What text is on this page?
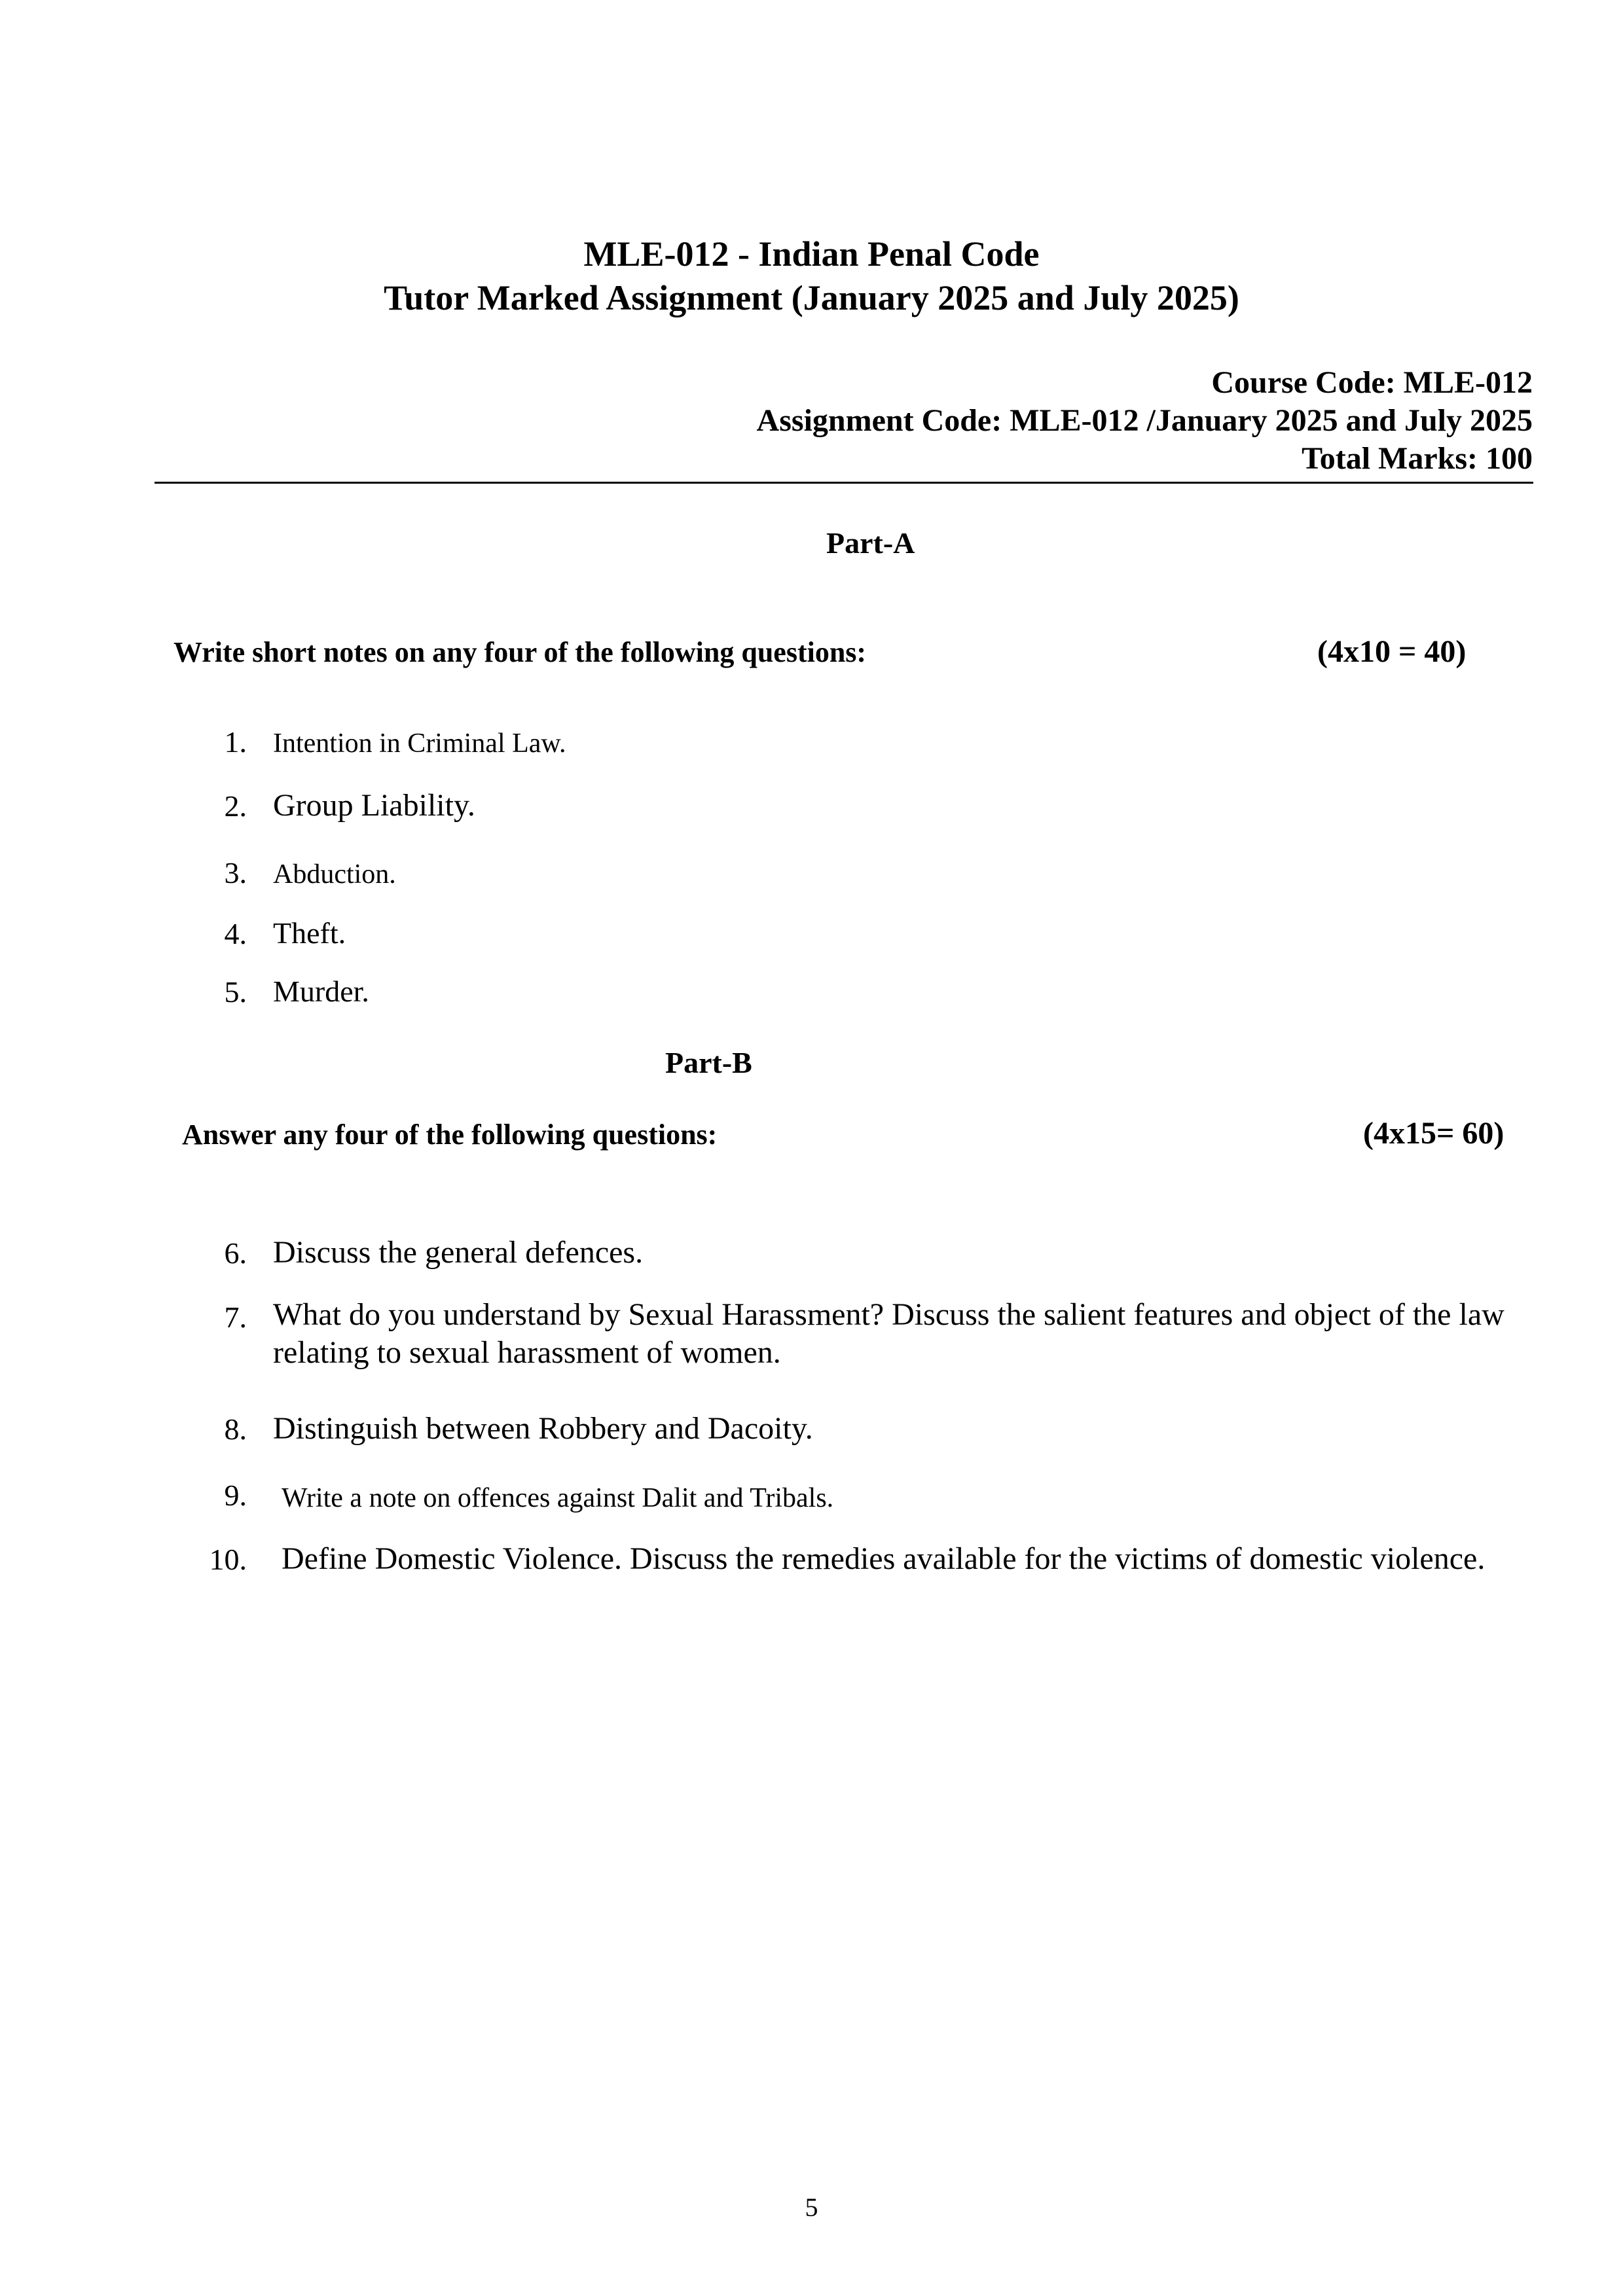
MLE-012 - Indian Penal Code
Tutor Marked Assignment (January 2025 and July 2025)
Course Code: MLE-012
Assignment Code: MLE-012 /January 2025 and July 2025
Total Marks: 100
Part-A
Write short notes on any four of the following questions:	(4x10 = 40)
1. Intention in Criminal Law.
2. Group Liability.
3. Abduction.
4. Theft.
5. Murder.
Part-B
Answer any four of the following questions:	(4x15= 60)
6. Discuss the general defences.
7. What do you understand by Sexual Harassment? Discuss the salient features and object of the law relating to sexual harassment of women.
8. Distinguish between Robbery and Dacoity.
9. Write a note on offences against Dalit and Tribals.
10. Define Domestic Violence. Discuss the remedies available for the victims of domestic violence.
5
